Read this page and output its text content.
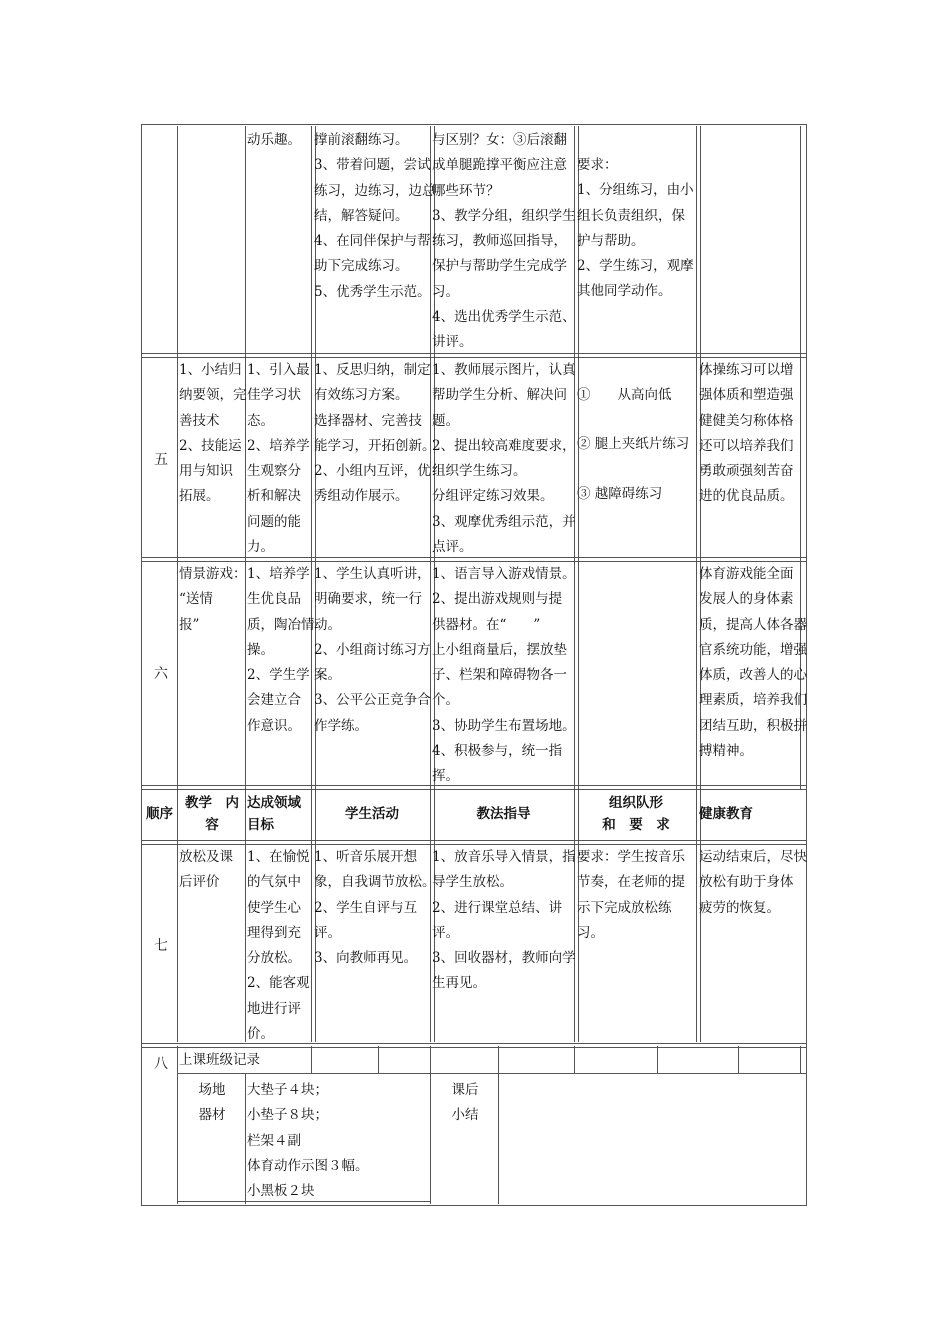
动乐趣。 撑前滚翻练习。
3、带着问题，尝试
练习，边练习，边总
结，解答疑问。
4、在同伴保护与帮
助下完成练习。
5、优秀学生示范。
与区别？女：③后滚翻
成单腿跪撑平衡应注意
哪些环节？
3、教学分组，组织学生
练习，教师巡回指导，
保护与帮助学生完成学
习。
4、选出优秀学生示范、
讲评。
要求：
1、分组练习，由小
组长负责组织，保
护与帮助。
2、学生练习，观摩
其他同学动作。
五
1、小结归
纳要领，完
善技术
2、技能运
用与知识
拓展。
1、引入最
佳学习状
态。
2、培养学
生观察分
析和解决
问题的能
力。
1、反思归纳，制定
有效练习方案。
选择器材、完善技
能学习，开拓创新。
2、小组内互评，优
秀组动作展示。
1、教师展示图片，认真
帮助学生分析、解决问
题。
2、提出较高难度要求，
组织学生练习。
分组评定练习效果。
3、观摩优秀组示范，并
点评。
①　　从高向低
② 腿上夹纸片练习
③ 越障碍练习
体操练习可以增
强体质和塑造强
健健美匀称体格
还可以培养我们
勇敢顽强刻苦奋
进的优良品质。
六
情景游戏：
“送情
报”
1、培养学
生优良品
质，陶冶情
操。
2、学生学
会建立合
作意识。
1、学生认真听讲，
明确要求，统一行
动。
2、小组商讨练习方
案。
3、公平公正竞争合
作学练。
1、语言导入游戏情景。
2、提出游戏规则与提
供器材。在“　　”
上小组商量后，摆放垫
子、栏架和障碍物各一
个。
3、协助学生布置场地。
4、积极参与，统一指
挥。
体育游戏能全面
发展人的身体素
质，提高人体各器
官系统功能，增强
体质，改善人的心
理素质，培养我们
团结互助，积极拼
搏精神。
顺序
教学　内
容
达成领域
目标
学生活动	教法指导
组织队形
和　要　求
健康教育
七
放松及课
后评价
1、在愉悦
的气氛中
使学生心
理得到充
分放松。
2、能客观
地进行评
价。
1、听音乐展开想
象，自我调节放松。
2、学生自评与互
评。
3、向教师再见。
1、放音乐导入情景，指
导学生放松。
2、进行课堂总结、讲
评。
3、回收器材，教师向学
生再见。
要求：学生按音乐
节奏，在老师的提
示下完成放松练
习。
运动结束后，尽快
放松有助于身体
疲劳的恢复。
八 上课班级记录
场地
器材
大垫子４块；
小垫子８块；
栏架４副
体育动作示图３幅。
小黑板２块
课后
小结
